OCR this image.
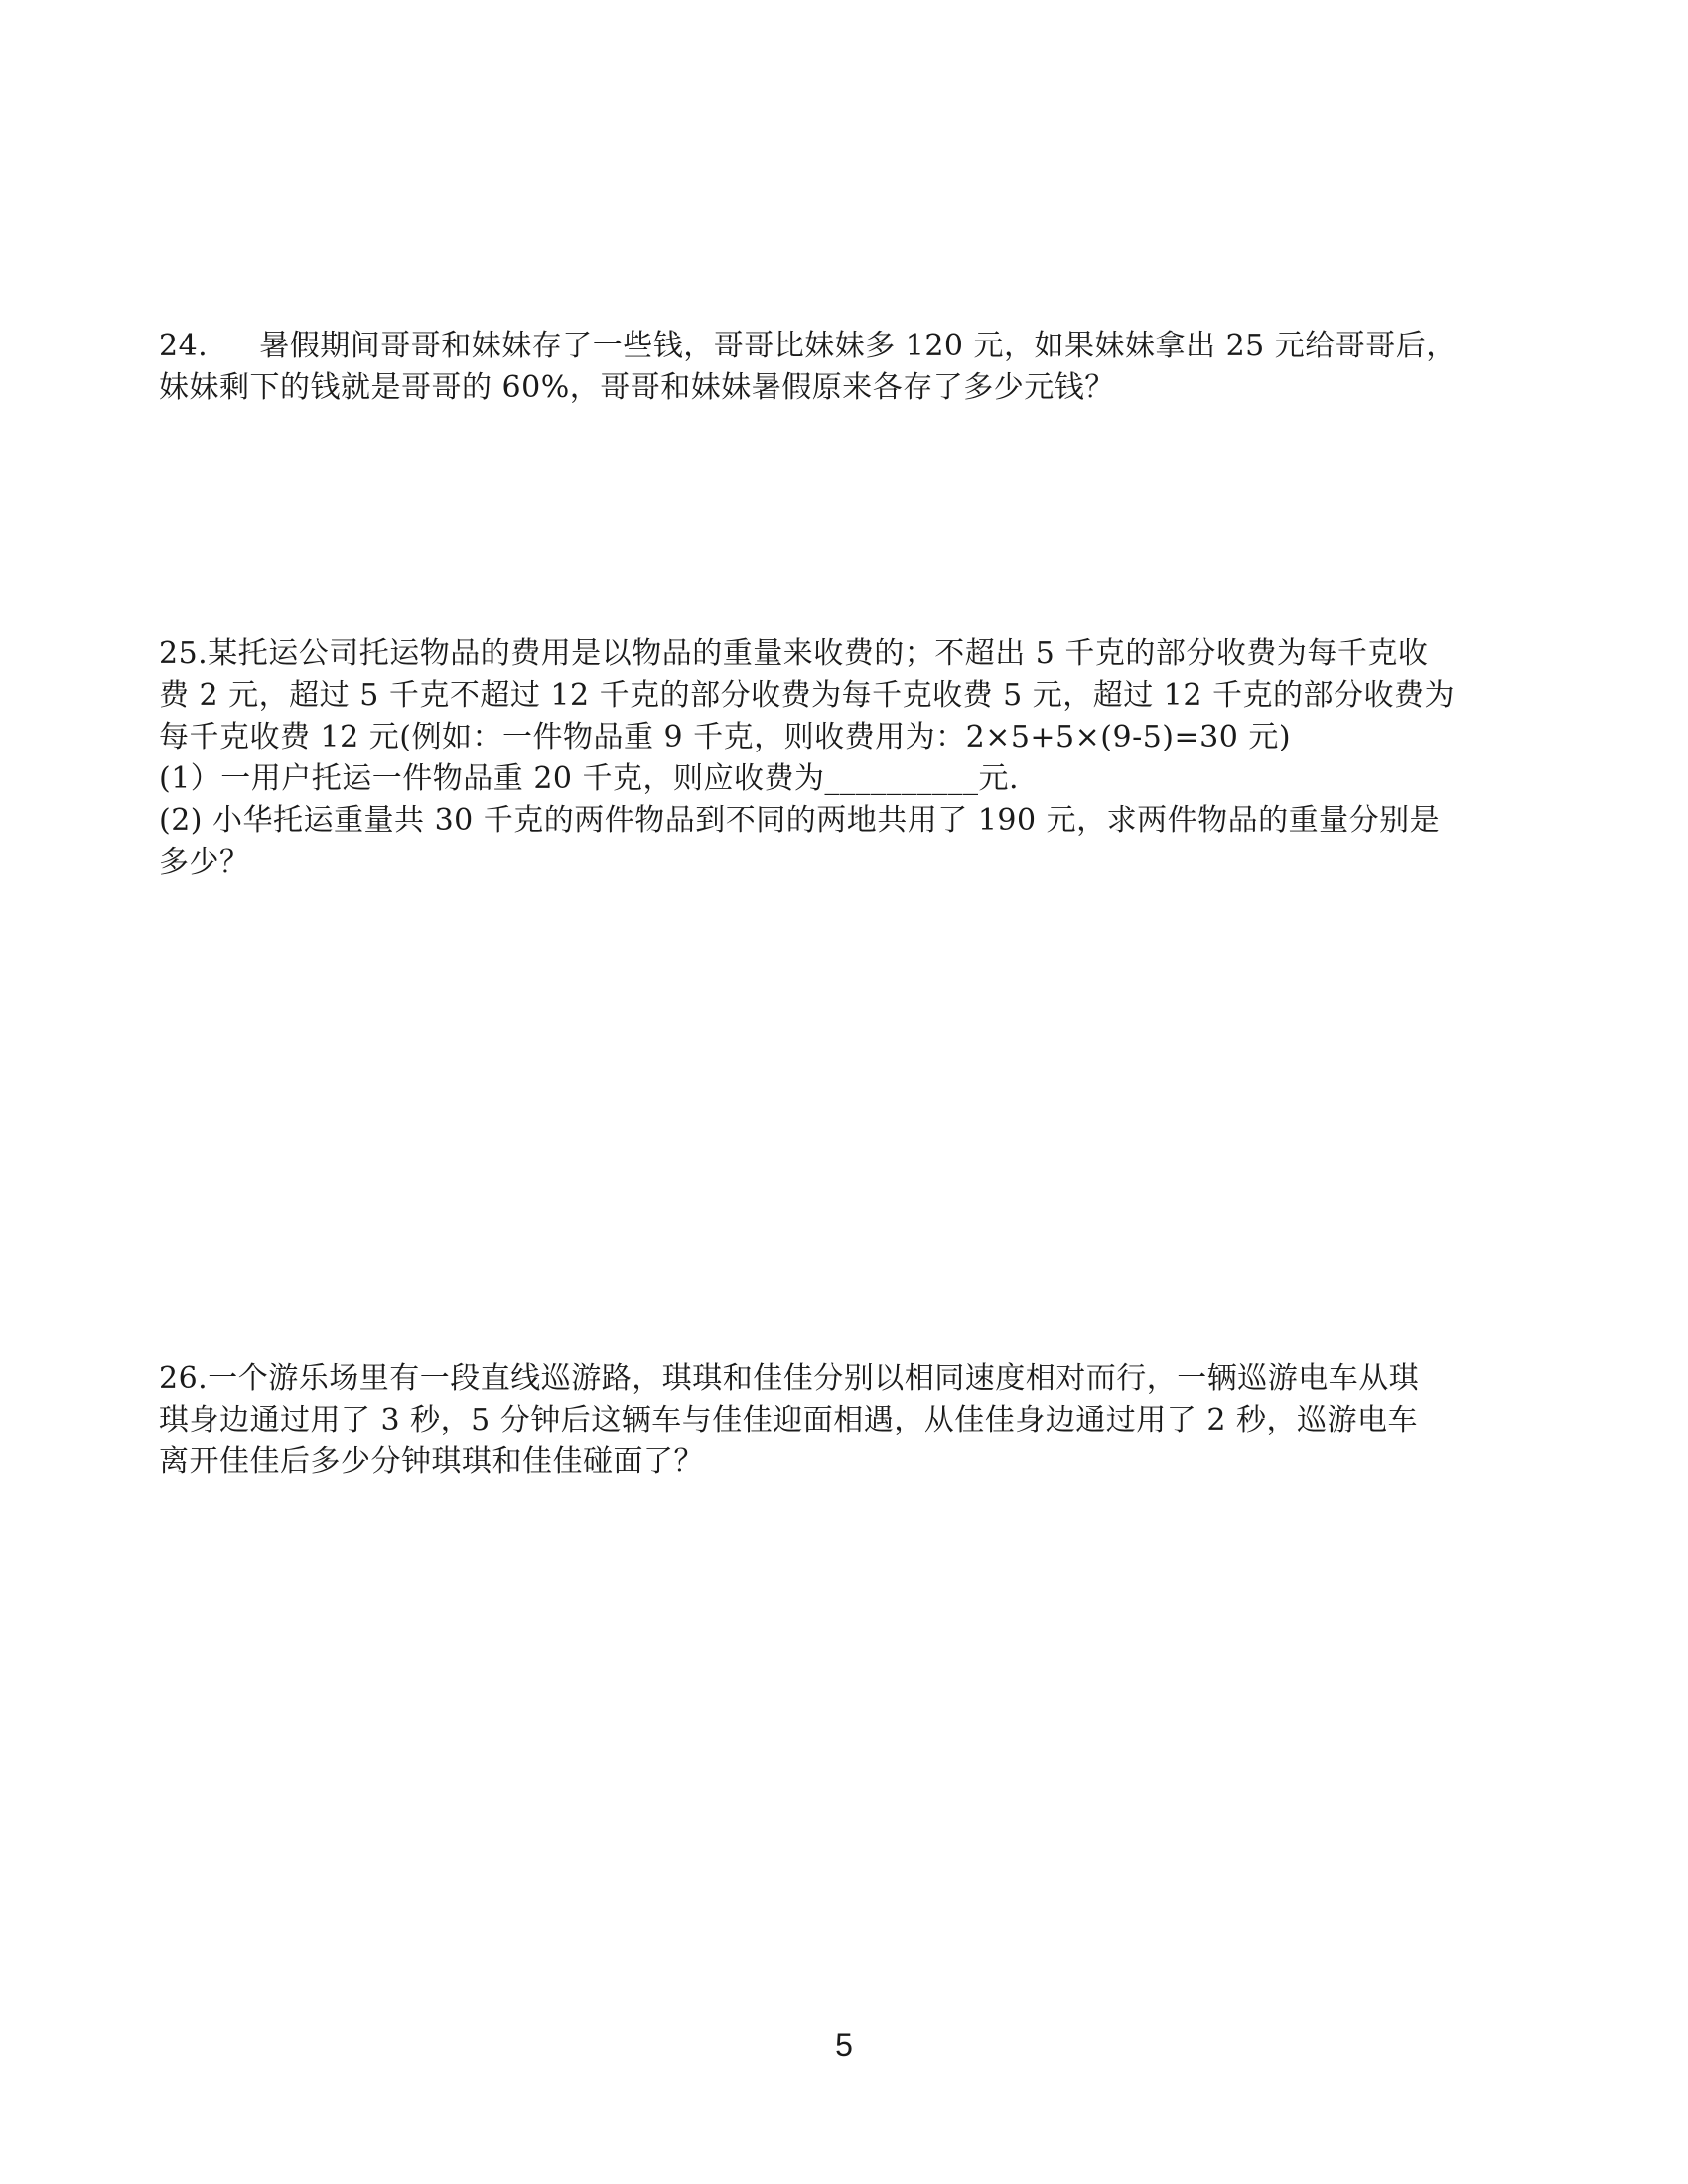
24. 暑假期间哥哥和妹妹存了一些钱，哥哥比妹妹多 120 元，如果妹妹拿出 25 元给哥哥后，
妹妹剩下的钱就是哥哥的 60%，哥哥和妹妹暑假原来各存了多少元钱？
25.某托运公司托运物品的费用是以物品的重量来收费的；不超出 5 千克的部分收费为每千克收
费 2 元，超过 5 千克不超过 12 千克的部分收费为每千克收费 5 元，超过 12 千克的部分收费为
每千克收费 12 元(例如：一件物品重 9 千克，则收费用为：2×5+5×(9-5)=30 元)
(1）一用户托运一件物品重 20 千克，则应收费为__________元.
(2) 小华托运重量共 30 千克的两件物品到不同的两地共用了 190 元，求两件物品的重量分别是
多少？
26.一个游乐场里有一段直线巡游路，琪琪和佳佳分别以相同速度相对而行，一辆巡游电车从琪
琪身边通过用了 3 秒，5 分钟后这辆车与佳佳迎面相遇，从佳佳身边通过用了 2 秒，巡游电车
离开佳佳后多少分钟琪琪和佳佳碰面了？
5
